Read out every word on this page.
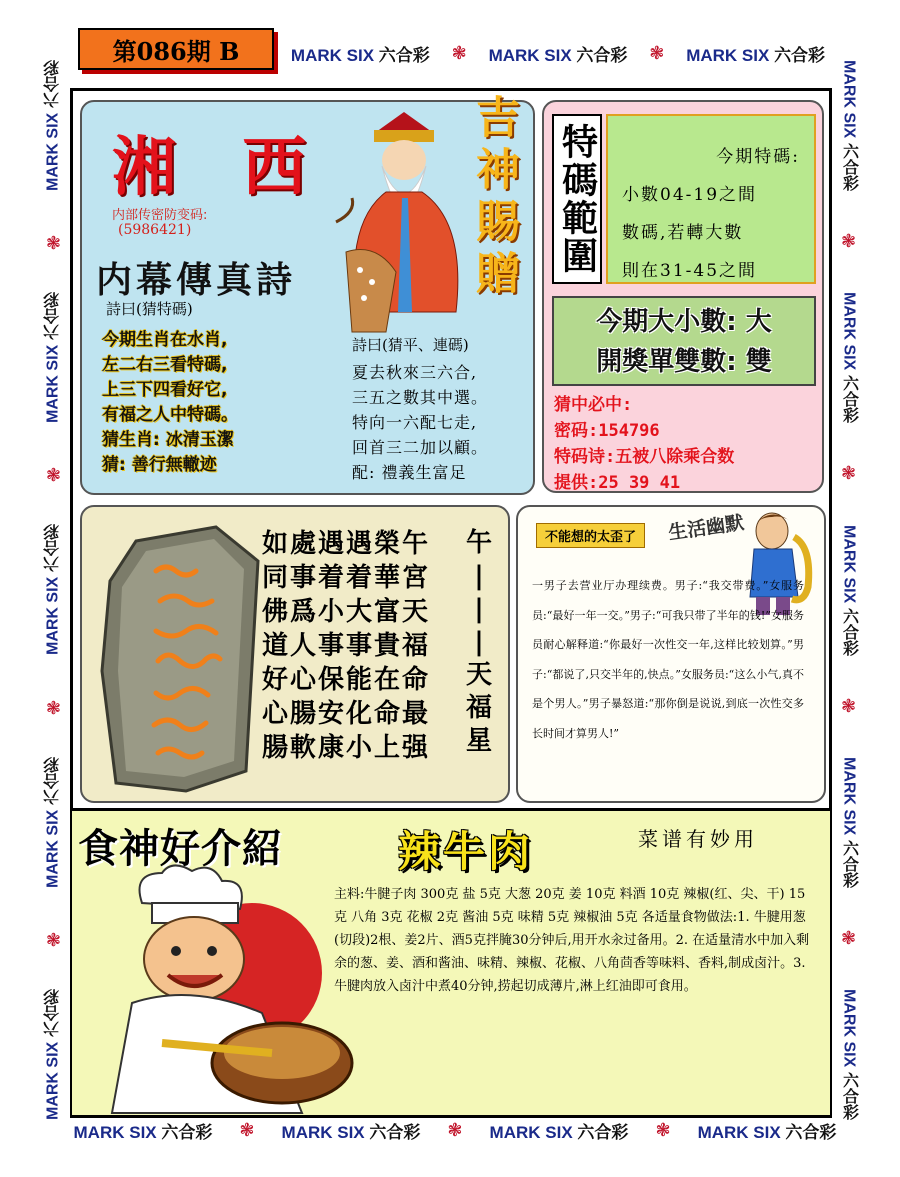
MARK SIX 六合彩 ❃ MARK SIX 六合彩 ❃ MARK SIX 六合彩
MARK SIX 六合彩 ❃ MARK SIX 六合彩 ❃ MARK SIX 六合彩 ❃ MARK SIX 六合彩
MARK SIX 六合彩
❃
MARK SIX 六合彩
❃
MARK SIX 六合彩
❃
MARK SIX 六合彩
❃
MARK SIX 六合彩	MARK SIX 六合彩
❃
MARK SIX 六合彩
❃
MARK SIX 六合彩
❃
MARK SIX 六合彩
❃
MARK SIX 六合彩
第086期 B
湘 西
内部传密防变码:
(5986421)
内幕傳真詩
詩曰(猜特碼)
今期生肖在水肖,
左二右三看特碼,
上三下四看好它,
有福之人中特碼。
猜生肖: 冰清玉潔
猜: 善行無轍迹
詩曰(猜平、連碼)
夏去秋來三六合,
三五之數其中選。
特向一六配七走,
回首三二加以顧。
配: 禮義生富足
吉神賜贈 特碼範圍	今期特碼:
小數04-19之間
數碼,若轉大數
則在31-45之間
今期大小數: 大
開獎單雙數: 雙
猜中必中:
密码:154796
特码诗:五被八除乘合数
提供:25 39 41
如處遇遇榮午
同事着着華宮
佛爲小大富天
道人事事貴福
好心保能在命
心腸安化命最
腸軟康小上强
午
|
|
|
天
福
星
不能想的太歪了	生活幽默
一男子去营业厅办理续费。男子:“我交带费。”女服务员:“最好一年一交。”男子:“可我只带了半年的钱!”女服务员耐心解释道:“你最好一次性交一年,这样比较划算。”男子:“都说了,只交半年的,快点。”女服务员:“这么小气,真不是个男人。”男子暴怒道:“那你倒是说说,到底一次性交多长时间才算男人!”
食神好介紹	辣牛肉	菜谱有妙用
主料:牛腱子肉 300克 盐 5克 大葱 20克 姜 10克 料酒 10克 辣椒(红、尖、干) 15克 八角 3克 花椒 2克 酱油 5克 味精 5克 辣椒油 5克 各适量食物做法:1. 牛腱用葱(切段)2根、姜2片、酒5克拌腌30分钟后,用开水汆过备用。2. 在适量清水中加入剩余的葱、姜、酒和酱油、味精、辣椒、花椒、八角茴香等味料、香料,制成卤汁。3. 牛腱肉放入卤汁中煮40分钟,捞起切成薄片,淋上红油即可食用。
